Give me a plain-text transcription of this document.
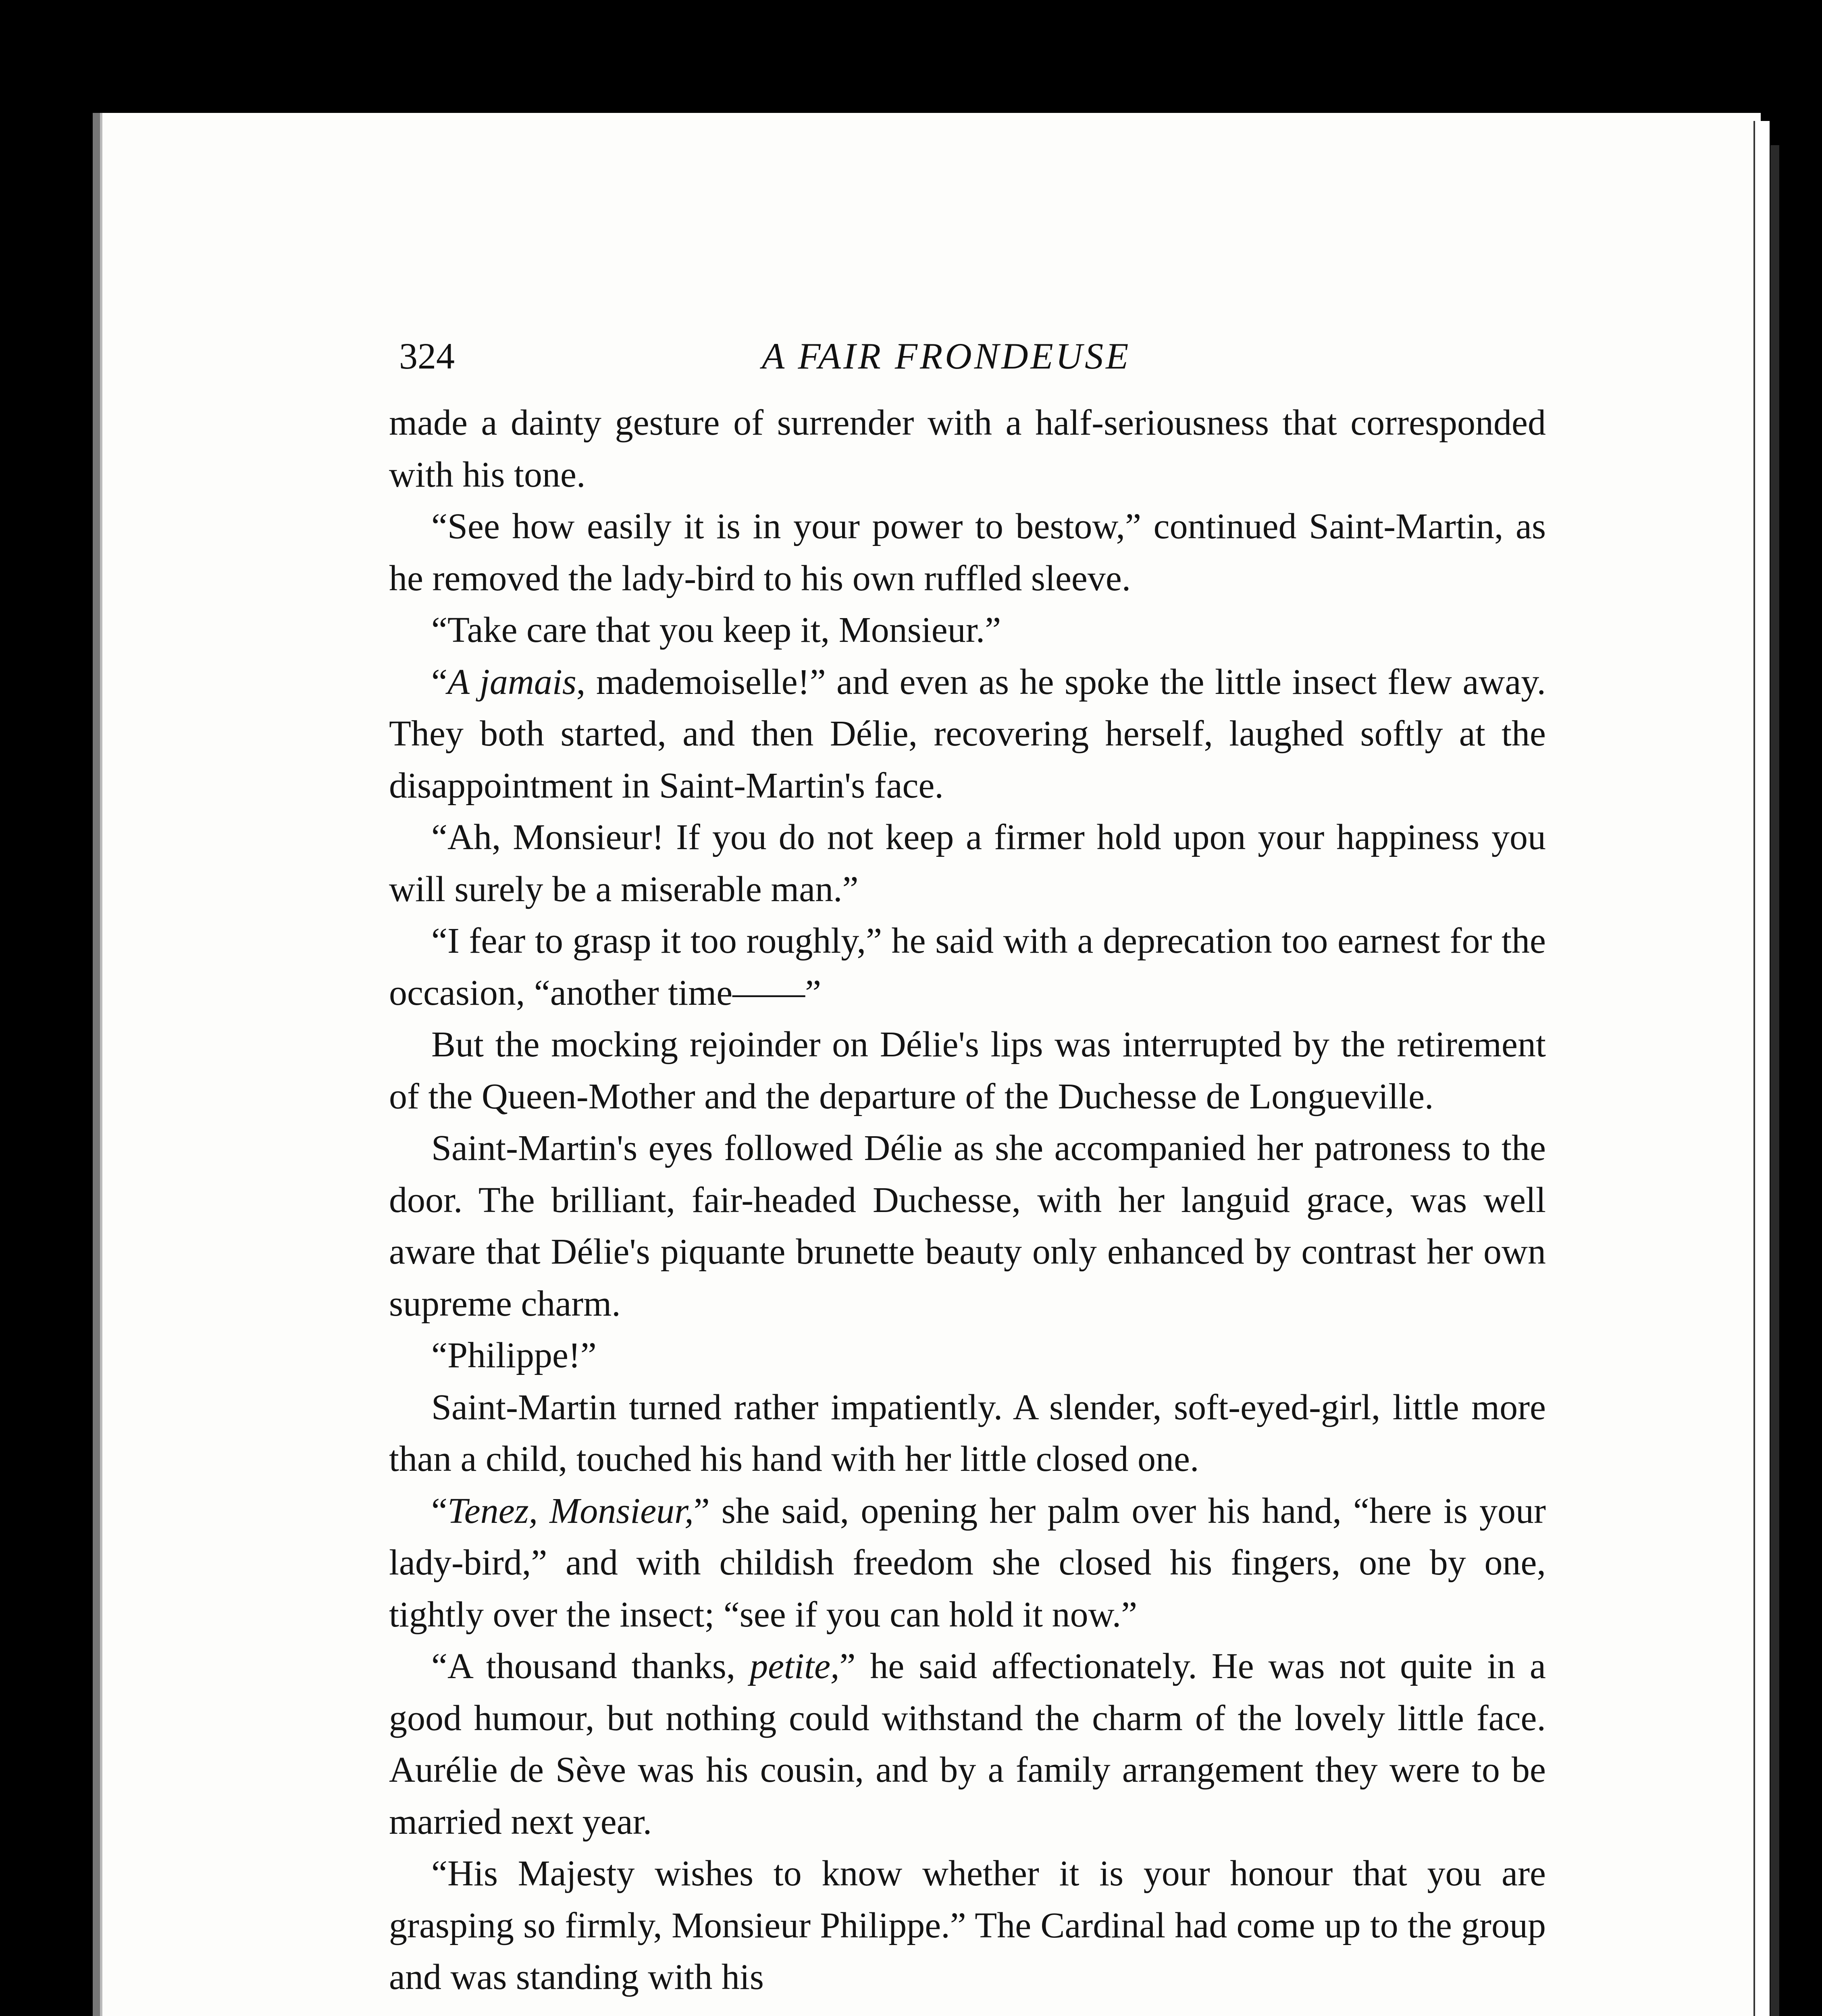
324	A FAIR FRONDEUSE

made a dainty gesture of surrender with a half-seriousness that corresponded with his tone.

“See how easily it is in your power to bestow,” continued Saint-Martin, as he removed the lady-bird to his own ruffled sleeve.

“Take care that you keep it, Monsieur.”

“A jamais, mademoiselle!” and even as he spoke the little insect flew away. They both started, and then Délie, recovering herself, laughed softly at the disappointment in Saint-Martin's face.

“Ah, Monsieur! If you do not keep a firmer hold upon your happiness you will surely be a miserable man.”

“I fear to grasp it too roughly,” he said with a deprecation too earnest for the occasion, “another time——”

But the mocking rejoinder on Délie's lips was interrupted by the retirement of the Queen-Mother and the departure of the Duchesse de Longueville.

Saint-Martin's eyes followed Délie as she accompanied her patroness to the door. The brilliant, fair-headed Duchesse, with her languid grace, was well aware that Délie's piquante brunette beauty only enhanced by contrast her own supreme charm.

“Philippe!”

Saint-Martin turned rather impatiently. A slender, soft-eyed-girl, little more than a child, touched his hand with her little closed one.

“Tenez, Monsieur,” she said, opening her palm over his hand, “here is your lady-bird,” and with childish freedom she closed his fingers, one by one, tightly over the insect; “see if you can hold it now.”

“A thousand thanks, petite,” he said affectionately. He was not quite in a good humour, but nothing could withstand the charm of the lovely little face. Aurélie de Sève was his cousin, and by a family arrangement they were to be married next year.

“His Majesty wishes to know whether it is your honour that you are grasping so firmly, Monsieur Philippe.” The Cardinal had come up to the group and was standing with his
